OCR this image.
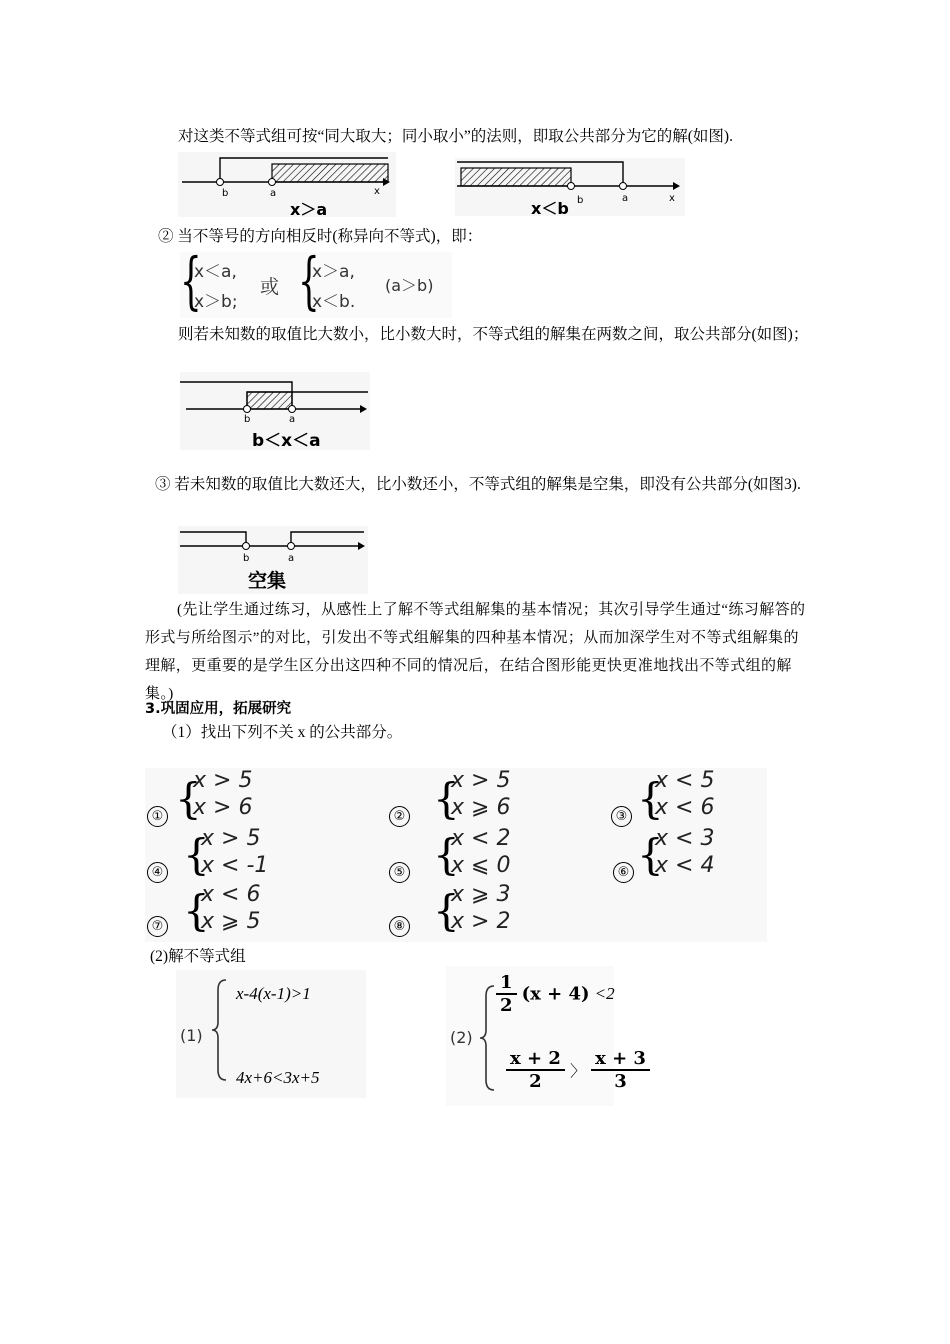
对这类不等式组可按“同大取大；同小取小”的法则，即取公共部分为它的解(如图).
b	a	x
x＞a	b	a	x
x＜b
② 当不等号的方向相反时(称异向不等式)，即：
{
x＜a,
x＞b;
或 {
x＞a,
x＜b.
(a＞b)
则若未知数的取值比大数小，比小数大时，不等式组的解集在两数之间，取公共部分(如图)；
b	a
b＜x＜a
③ 若未知数的取值比大数还大，比小数还小，不等式组的解集是空集，即没有公共部分(如图3).
b	a
空集
(先让学生通过练习，从感性上了解不等式组解集的基本情况；其次引导学生通过“练习解答的形式与所给图示”的对比，引发出不等式组解集的四种基本情况；从而加深学生对不等式组解集的理解，更重要的是学生区分出这四种不同的情况后，在结合图形能更快更准地找出不等式组的解集。)
3.巩固应用，拓展研究
（1）找出下列不关 x 的公共部分。
① {
x > 5
x > 6	② {
x > 5
x ⩾ 6	③ {
x < 5
x < 6
④ {
x > 5
x < -1	⑤ {
x < 2
x ⩽ 0	⑥ {
x < 3
x < 4
⑦ {
x < 6
x ⩾ 5	⑧ {
x ⩾ 3
x > 2
(2)解不等式组
(1)
x-4(x-1)>1
4x+6<3x+5
(2)
$\frac{1}{2} (x + 4) <2$
$\frac{x + 2}{2}$ 〉 $\frac{x + 3}{3}$
